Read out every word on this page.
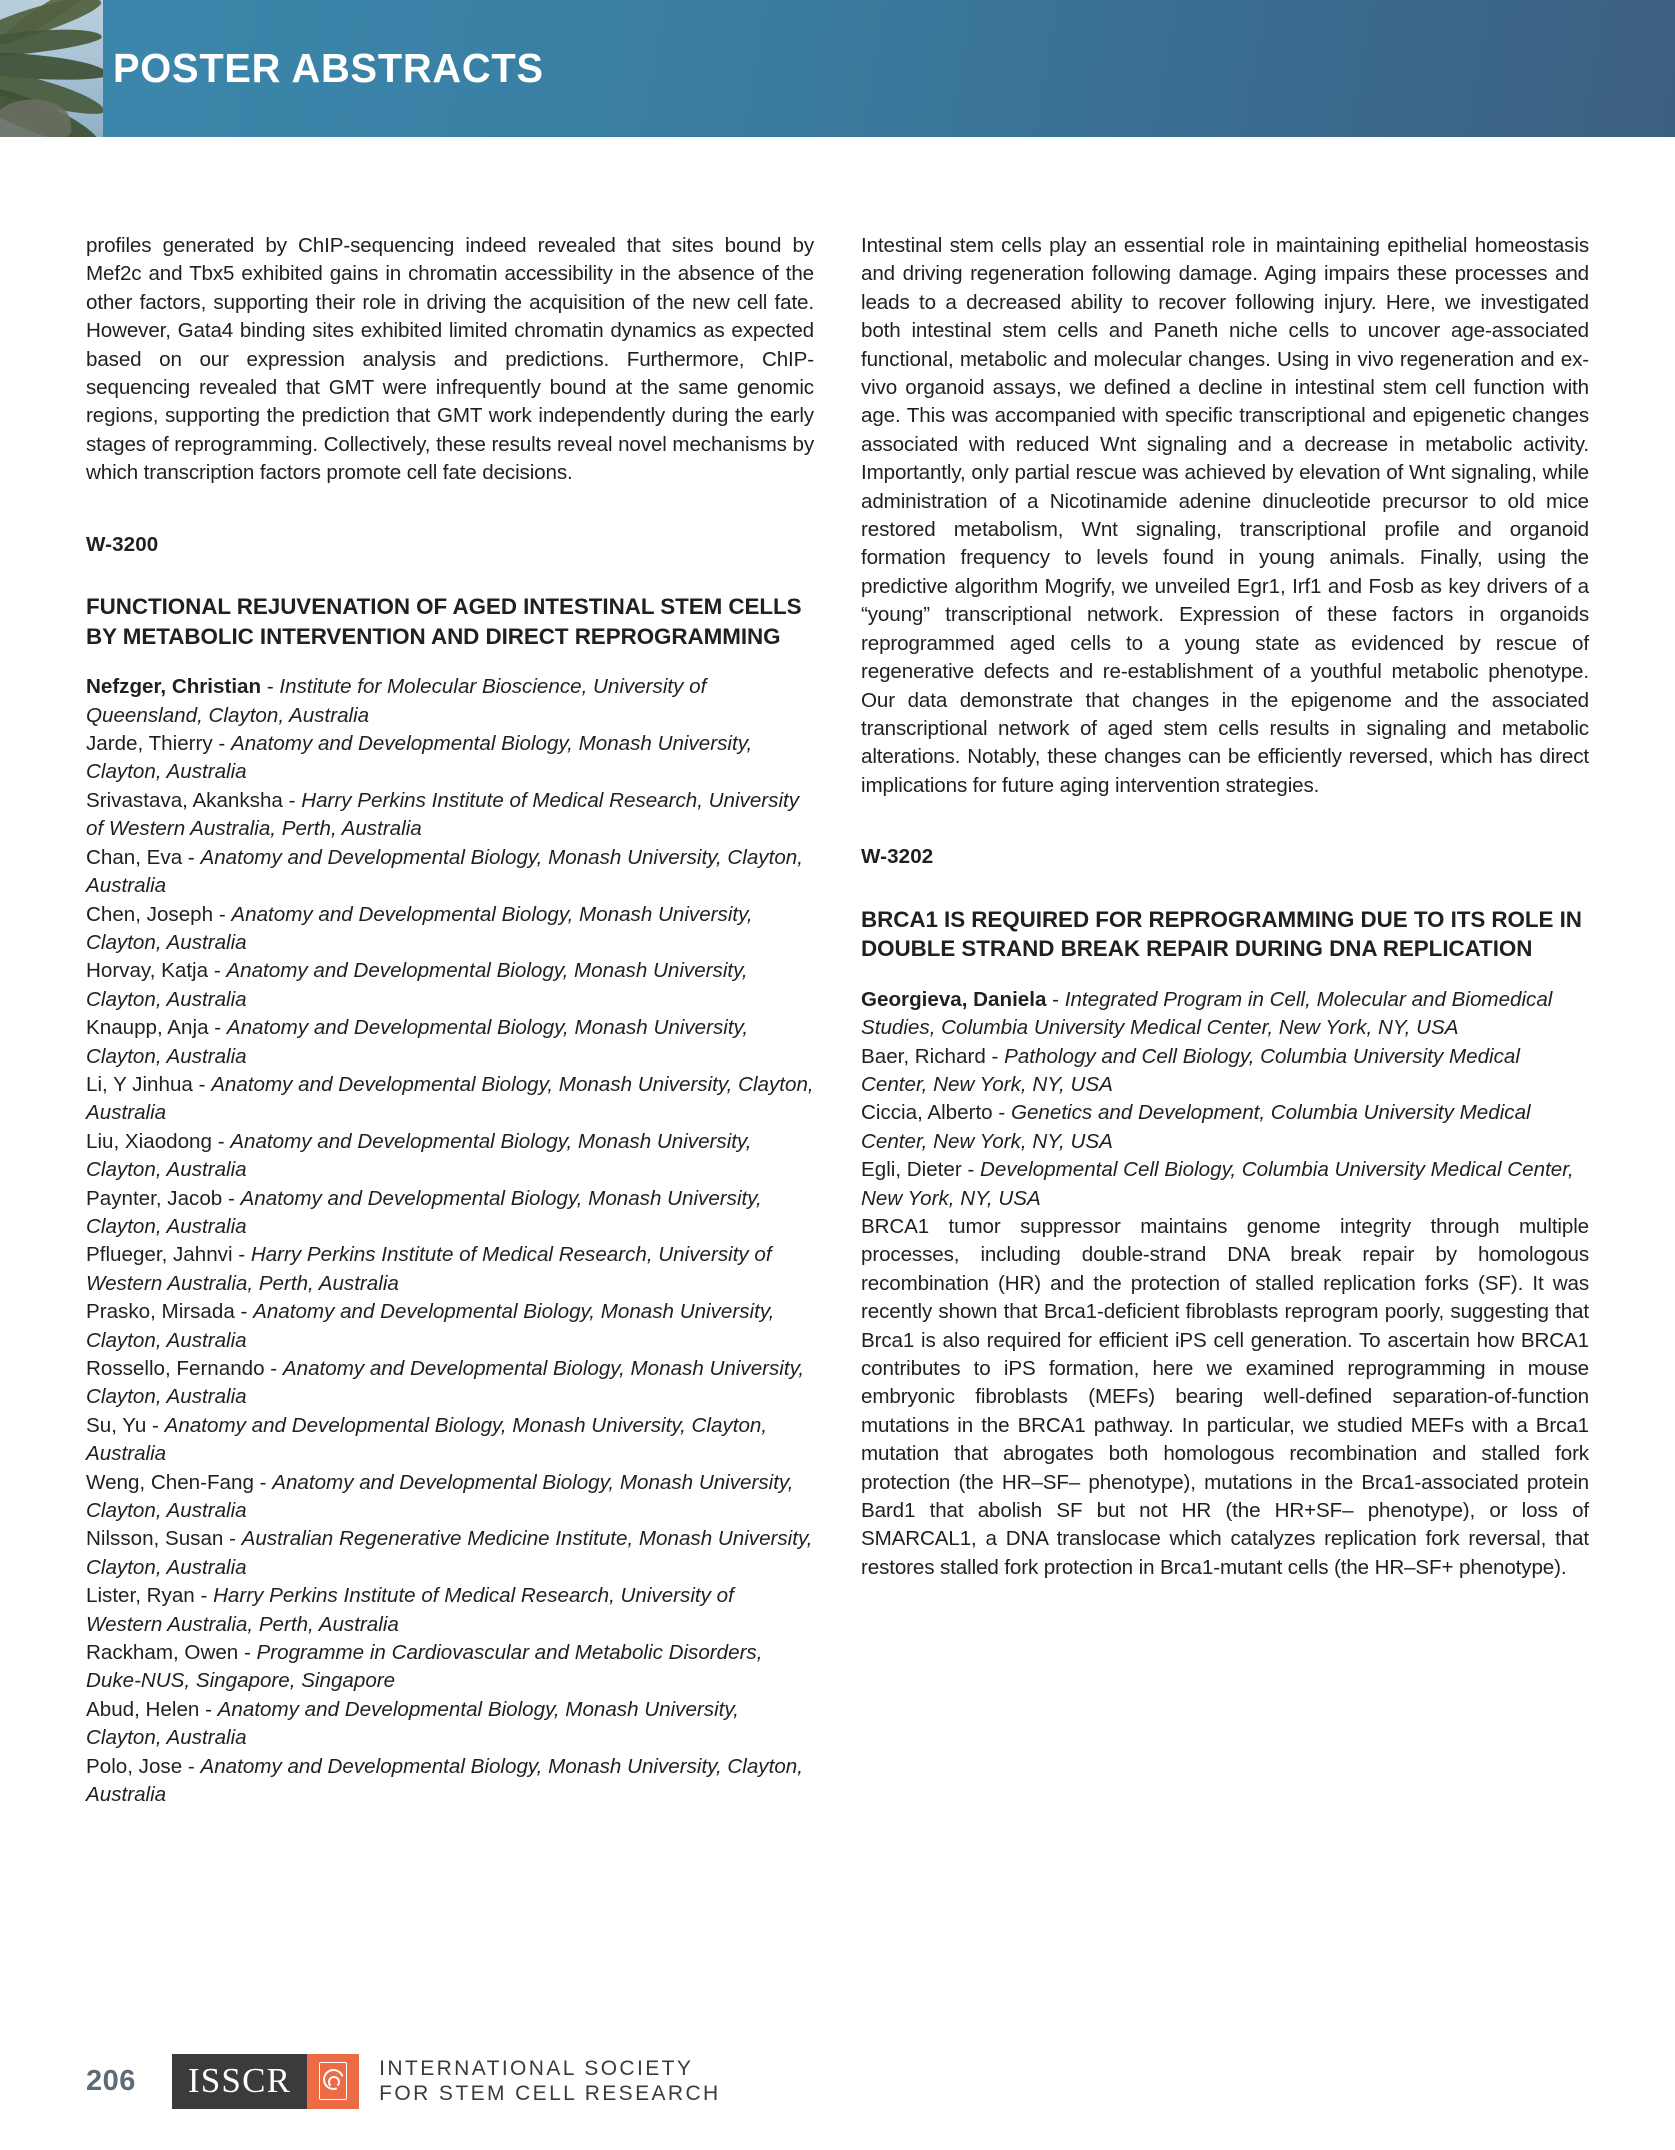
POSTER ABSTRACTS

profiles generated by ChIP-sequencing indeed revealed that sites bound by Mef2c and Tbx5 exhibited gains in chromatin accessibility in the absence of the other factors, supporting their role in driving the acquisition of the new cell fate. However, Gata4 binding sites exhibited limited chromatin dynamics as expected based on our expression analysis and predictions. Furthermore, ChIP-sequencing revealed that GMT were infrequently bound at the same genomic regions, supporting the prediction that GMT work independently during the early stages of reprogramming. Collectively, these results reveal novel mechanisms by which transcription factors promote cell fate decisions.

W-3200
FUNCTIONAL REJUVENATION OF AGED INTESTINAL STEM CELLS BY METABOLIC INTERVENTION AND DIRECT REPROGRAMMING
Nefzger, Christian - Institute for Molecular Bioscience, University of Queensland, Clayton, Australia
Jarde, Thierry - Anatomy and Developmental Biology, Monash University, Clayton, Australia
Srivastava, Akanksha - Harry Perkins Institute of Medical Research, University of Western Australia, Perth, Australia
Chan, Eva - Anatomy and Developmental Biology, Monash University, Clayton, Australia
Chen, Joseph - Anatomy and Developmental Biology, Monash University, Clayton, Australia
Horvay, Katja - Anatomy and Developmental Biology, Monash University, Clayton, Australia
Knaupp, Anja - Anatomy and Developmental Biology, Monash University, Clayton, Australia
Li, Y Jinhua - Anatomy and Developmental Biology, Monash University, Clayton, Australia
Liu, Xiaodong - Anatomy and Developmental Biology, Monash University, Clayton, Australia
Paynter, Jacob - Anatomy and Developmental Biology, Monash University, Clayton, Australia
Pflueger, Jahnvi - Harry Perkins Institute of Medical Research, University of Western Australia, Perth, Australia
Prasko, Mirsada - Anatomy and Developmental Biology, Monash University, Clayton, Australia
Rossello, Fernando - Anatomy and Developmental Biology, Monash University, Clayton, Australia
Su, Yu - Anatomy and Developmental Biology, Monash University, Clayton, Australia
Weng, Chen-Fang - Anatomy and Developmental Biology, Monash University, Clayton, Australia
Nilsson, Susan - Australian Regenerative Medicine Institute, Monash University, Clayton, Australia
Lister, Ryan - Harry Perkins Institute of Medical Research, University of Western Australia, Perth, Australia
Rackham, Owen - Programme in Cardiovascular and Metabolic Disorders, Duke-NUS, Singapore, Singapore
Abud, Helen - Anatomy and Developmental Biology, Monash University, Clayton, Australia
Polo, Jose - Anatomy and Developmental Biology, Monash University, Clayton, Australia

Intestinal stem cells play an essential role in maintaining epithelial homeostasis and driving regeneration following damage. Aging impairs these processes and leads to a decreased ability to recover following injury. Here, we investigated both intestinal stem cells and Paneth niche cells to uncover age-associated functional, metabolic and molecular changes. Using in vivo regeneration and ex-vivo organoid assays, we defined a decline in intestinal stem cell function with age. This was accompanied with specific transcriptional and epigenetic changes associated with reduced Wnt signaling and a decrease in metabolic activity. Importantly, only partial rescue was achieved by elevation of Wnt signaling, while administration of a Nicotinamide adenine dinucleotide precursor to old mice restored metabolism, Wnt signaling, transcriptional profile and organoid formation frequency to levels found in young animals. Finally, using the predictive algorithm Mogrify, we unveiled Egr1, Irf1 and Fosb as key drivers of a “young” transcriptional network. Expression of these factors in organoids reprogrammed aged cells to a young state as evidenced by rescue of regenerative defects and re-establishment of a youthful metabolic phenotype. Our data demonstrate that changes in the epigenome and the associated transcriptional network of aged stem cells results in signaling and metabolic alterations. Notably, these changes can be efficiently reversed, which has direct implications for future aging intervention strategies.

W-3202
BRCA1 IS REQUIRED FOR REPROGRAMMING DUE TO ITS ROLE IN DOUBLE STRAND BREAK REPAIR DURING DNA REPLICATION
Georgieva, Daniela - Integrated Program in Cell, Molecular and Biomedical Studies, Columbia University Medical Center, New York, NY, USA
Baer, Richard - Pathology and Cell Biology, Columbia University Medical Center, New York, NY, USA
Ciccia, Alberto - Genetics and Development, Columbia University Medical Center, New York, NY, USA
Egli, Dieter - Developmental Cell Biology, Columbia University Medical Center, New York, NY, USA

BRCA1 tumor suppressor maintains genome integrity through multiple processes, including double-strand DNA break repair by homologous recombination (HR) and the protection of stalled replication forks (SF). It was recently shown that Brca1-deficient fibroblasts reprogram poorly, suggesting that Brca1 is also required for efficient iPS cell generation. To ascertain how BRCA1 contributes to iPS formation, here we examined reprogramming in mouse embryonic fibroblasts (MEFs) bearing well-defined separation-of-function mutations in the BRCA1 pathway. In particular, we studied MEFs with a Brca1 mutation that abrogates both homologous recombination and stalled fork protection (the HR–SF– phenotype), mutations in the Brca1-associated protein Bard1 that abolish SF but not HR (the HR+SF– phenotype), or loss of SMARCAL1, a DNA translocase which catalyzes replication fork reversal, that restores stalled fork protection in Brca1-mutant cells (the HR–SF+ phenotype).

206	ISSCR	INTERNATIONAL SOCIETY
FOR STEM CELL RESEARCH
